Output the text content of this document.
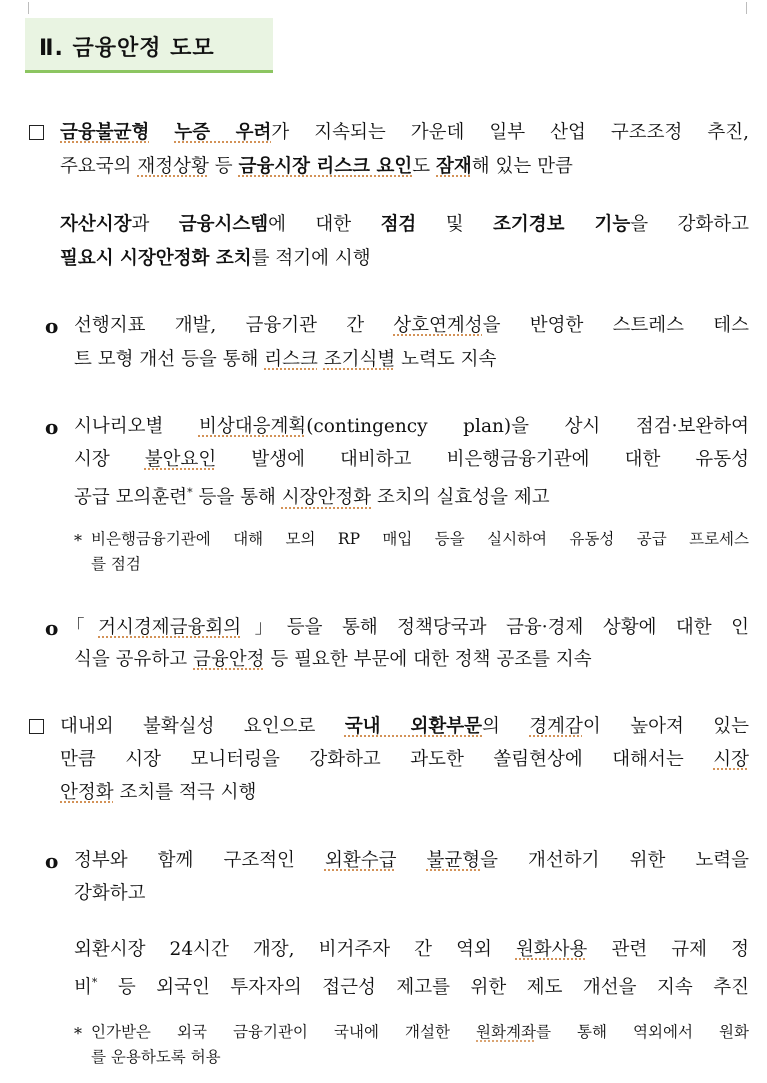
Ⅱ. 금융안정 도모
금융불균형 누증 우려가 지속되는 가운데 일부 산업 구조조정 추진,
주요국의 재정상황 등 금융시장 리스크 요인도 잠재해 있는 만큼
자산시장과 금융시스템에 대한 점검 및 조기경보 기능을 강화하고
필요시 시장안정화 조치를 적기에 시행
o 선행지표 개발, 금융기관 간 상호연계성을 반영한 스트레스 테스
트 모형 개선 등을 통해 리스크 조기식별 노력도 지속
o 시나리오별 비상대응계획(contingency plan)을 상시 점검·보완하여
시장 불안요인 발생에 대비하고 비은행금융기관에 대한 유동성
공급 모의훈련* 등을 통해 시장안정화 조치의 실효성을 제고
* 비은행금융기관에 대해 모의 RP 매입 등을 실시하여 유동성 공급 프로세스
를 점검
o 「거시경제금융회의」등을 통해 정책당국과 금융·경제 상황에 대한 인
식을 공유하고 금융안정 등 필요한 부문에 대한 정책 공조를 지속
대내외 불확실성 요인으로 국내 외환부문의 경계감이 높아져 있는
만큼 시장 모니터링을 강화하고 과도한 쏠림현상에 대해서는 시장
안정화 조치를 적극 시행
o 정부와 함께 구조적인 외환수급 불균형을 개선하기 위한 노력을
강화하고
외환시장 24시간 개장, 비거주자 간 역외 원화사용 관련 규제 정
비* 등 외국인 투자자의 접근성 제고를 위한 제도 개선을 지속 추진
* 인가받은 외국 금융기관이 국내에 개설한 원화계좌를 통해 역외에서 원화
를 운용하도록 허용
